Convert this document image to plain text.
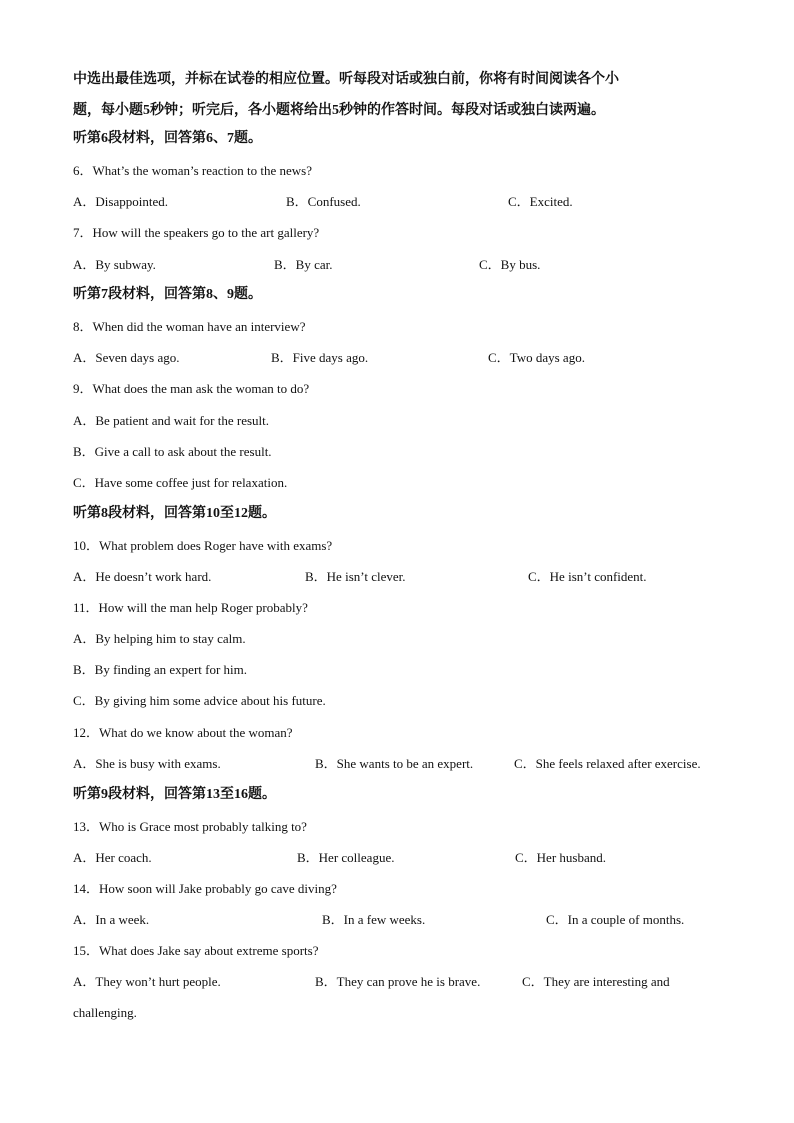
中选出最佳选项，并标在试卷的相应位置。听每段对话或独白前，你将有时间阅读各个小
题，每小题5秒钟；听完后，各小题将给出5秒钟的作答时间。每段对话或独白读两遍。
听第6段材料，回答第6、7题。
6．What’s the woman’s reaction to the news?
A．Disappointed.	B．Confused.	C．Excited.
7．How will the speakers go to the art gallery?
A．By subway.	B．By car.	C．By bus.
听第7段材料，回答第8、9题。
8．When did the woman have an interview?
A．Seven days ago.	B．Five days ago.	C．Two days ago.
9．What does the man ask the woman to do?
A．Be patient and wait for the result.
B．Give a call to ask about the result.
C．Have some coffee just for relaxation.
听第8段材料，回答第10至12题。
10．What problem does Roger have with exams?
A．He doesn’t work hard.	B．He isn’t clever.	C．He isn’t confident.
11．How will the man help Roger probably?
A．By helping him to stay calm.
B．By finding an expert for him.
C．By giving him some advice about his future.
12．What do we know about the woman?
A．She is busy with exams.	B．She wants to be an expert.	C．She feels relaxed after exercise.
听第9段材料，回答第13至16题。
13．Who is Grace most probably talking to?
A．Her coach.	B．Her colleague.	C．Her husband.
14．How soon will Jake probably go cave diving?
A．In a week.	B．In a few weeks.	C．In a couple of months.
15．What does Jake say about extreme sports?
A．They won’t hurt people.	B．They can prove he is brave.	C．They are interesting and
challenging.
